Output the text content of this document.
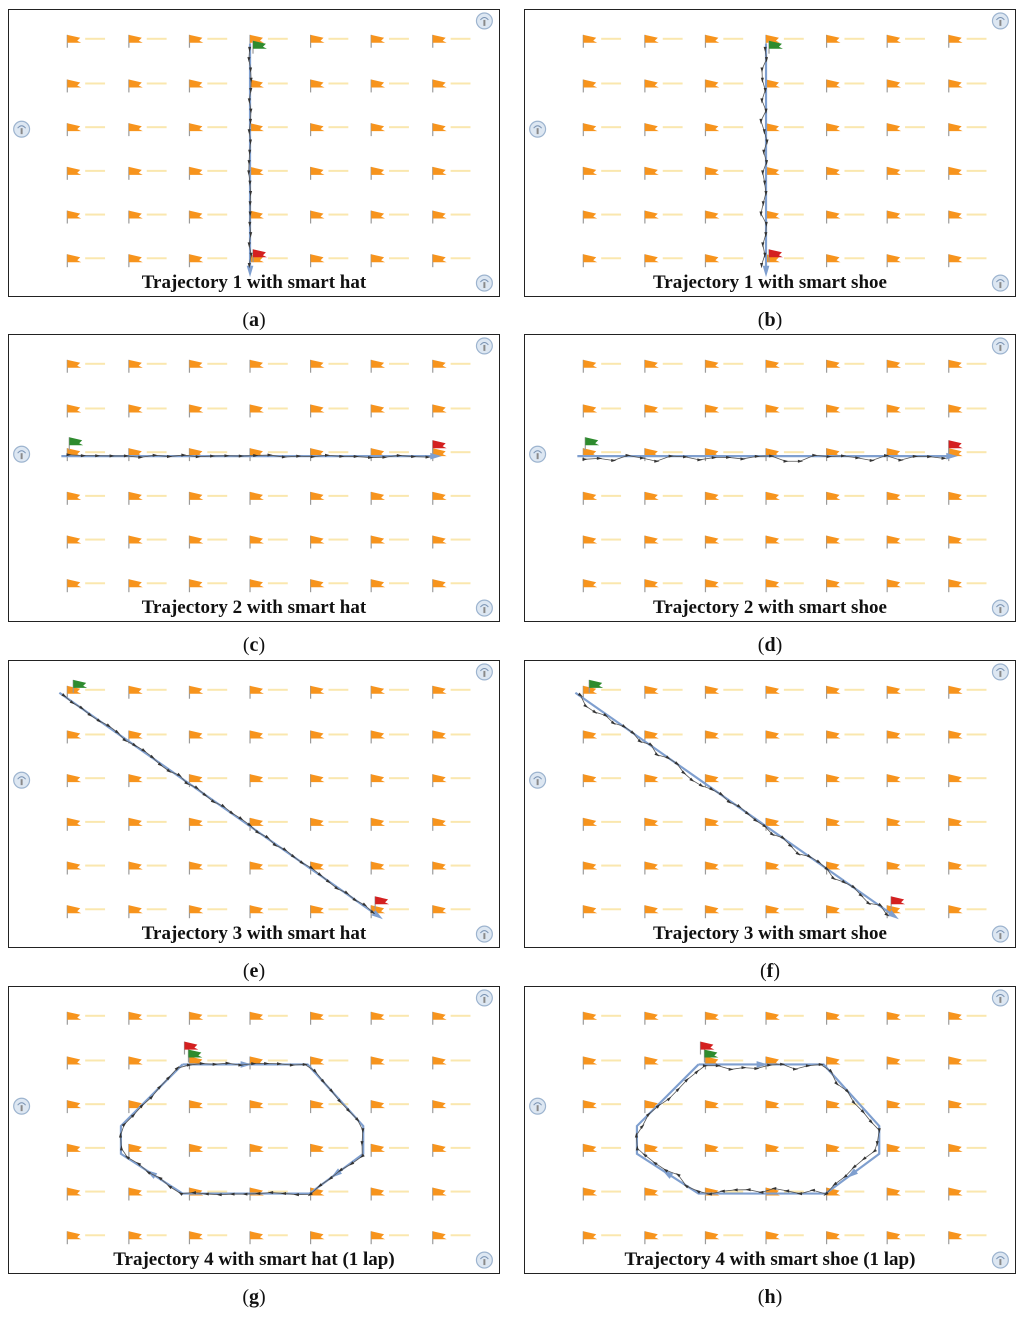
Trajectory 1 with smart hat	Trajectory 1 with smart shoe
Trajectory 2 with smart hat	Trajectory 2 with smart shoe
Trajectory 3 with smart hat	Trajectory 3 with smart shoe
Trajectory 4 with smart hat (1 lap)	Trajectory 4 with smart shoe (1 lap)
(a)	(b)
(c)	(d)
(e)	(f)
(g)	(h)
